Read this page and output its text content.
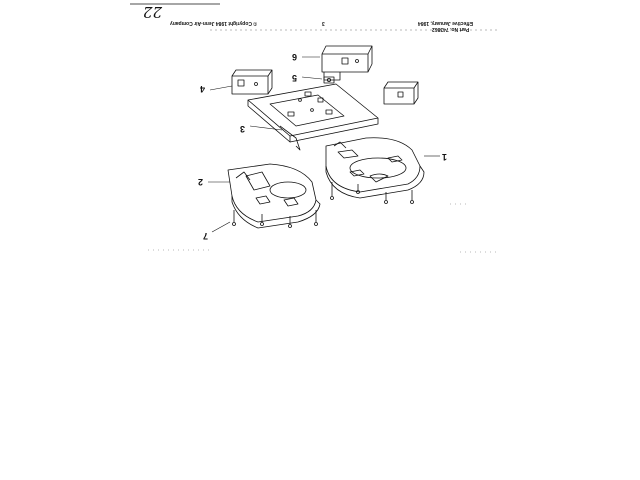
© Copyright 1984 Jenn-Air Company	3
Part No. 743862
Effective January, 1984
22
1
2
3
4
5
6
7
